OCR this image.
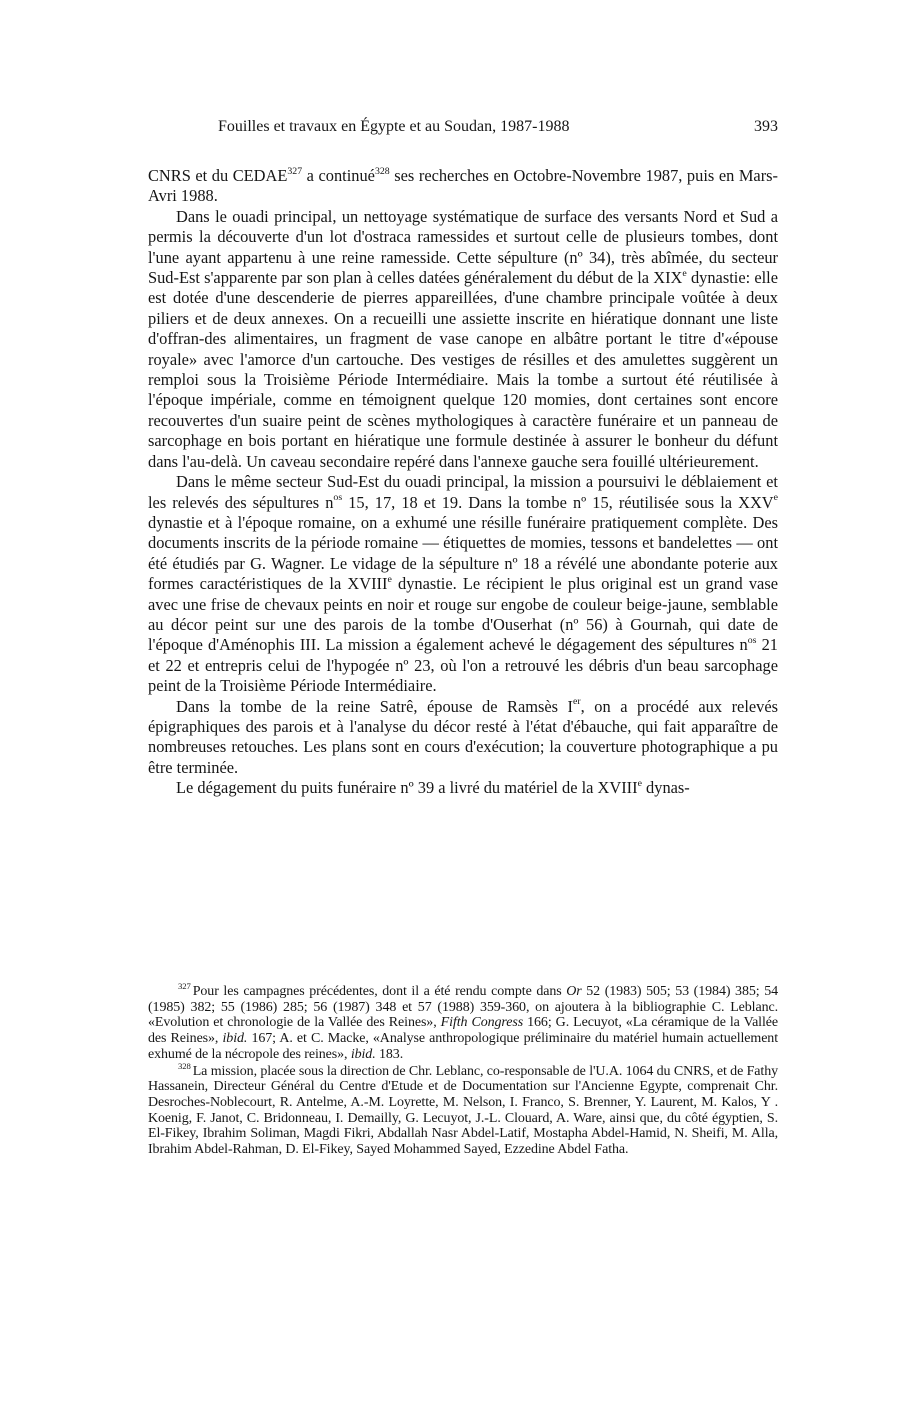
Fouilles et travaux en Égypte et au Soudan, 1987-1988	393

CNRS et du CEDAE$^{327}$ a continué$^{328}$ ses recherches en Octobre-Novembre 1987, puis en Mars-Avri 1988.

Dans le ouadi principal, un nettoyage systématique de surface des versants Nord et Sud a permis la découverte d'un lot d'ostraca ramessides et surtout celle de plusieurs tombes, dont l'une ayant appartenu à une reine ramesside. Cette sépulture (nº 34), très abîmée, du secteur Sud-Est s'apparente par son plan à celles datées généralement du début de la XIXe dynastie: elle est dotée d'une descenderie de pierres appareillées, d'une chambre principale voûtée à deux piliers et de deux annexes. On a recueilli une assiette inscrite en hiératique donnant une liste d'offran-des alimentaires, un fragment de vase canope en albâtre portant le titre d'«épouse royale» avec l'amorce d'un cartouche. Des vestiges de résilles et des amulettes suggèrent un remploi sous la Troisième Période Intermédiaire. Mais la tombe a surtout été réutilisée à l'époque impériale, comme en témoignent quelque 120 momies, dont certaines sont encore recouvertes d'un suaire peint de scènes mythologiques à caractère funéraire et un panneau de sarcophage en bois portant en hiératique une formule destinée à assurer le bonheur du défunt dans l'au-delà. Un caveau secondaire repéré dans l'annexe gauche sera fouillé ultérieurement.

Dans le même secteur Sud-Est du ouadi principal, la mission a poursuivi le déblaiement et les relevés des sépultures $n^{os}$ 15, 17, 18 et 19. Dans la tombe nº 15, réutilisée sous la XXVe dynastie et à l'époque romaine, on a exhumé une résille funéraire pratiquement complète. Des documents inscrits de la période romaine — étiquettes de momies, tessons et bandelettes — ont été étudiés par G. Wagner. Le vidage de la sépulture nº 18 a révélé une abondante poterie aux formes caractéristiques de la XVIIIe dynastie. Le récipient le plus original est un grand vase avec une frise de chevaux peints en noir et rouge sur engobe de couleur beige-jaune, semblable au décor peint sur une des parois de la tombe d'Ouserhat (nº 56) à Gournah, qui date de l'époque d'Aménophis III. La mission a également achevé le dégagement des sépultures $n^{os}$ 21 et 22 et entrepris celui de l'hypogée nº 23, où l'on a retrouvé les débris d'un beau sarcophage peint de la Troisième Période Intermédiaire.

Dans la tombe de la reine Satrê, épouse de Ramsès Ier, on a procédé aux relevés épigraphiques des parois et à l'analyse du décor resté à l'état d'ébauche, qui fait apparaître de nombreuses retouches. Les plans sont en cours d'exécution; la couverture photographique a pu être terminée.

Le dégagement du puits funéraire nº 39 a livré du matériel de la XVIIIe dynas-

$^{327}$ Pour les campagnes précédentes, dont il a été rendu compte dans Or 52 (1983) 505; 53 (1984) 385; 54 (1985) 382; 55 (1986) 285; 56 (1987) 348 et 57 (1988) 359-360, on ajoutera à la bibliographie C. Leblanc. «Evolution et chronologie de la Vallée des Reines», Fifth Congress 166; G. Lecuyot, «La céramique de la Vallée des Reines», ibid. 167; A. et C. Macke, «Analyse anthropologique préliminaire du matériel humain actuellement exhumé de la nécropole des reines», ibid. 183.

$^{328}$ La mission, placée sous la direction de Chr. Leblanc, co-responsable de l'U.A. 1064 du CNRS, et de Fathy Hassanein, Directeur Général du Centre d'Etude et de Documentation sur l'Ancienne Egypte, comprenait Chr. Desroches-Noblecourt, R. Antelme, A.-M. Loyrette, M. Nelson, I. Franco, S. Brenner, Y. Laurent, M. Kalos, Y . Koenig, F. Janot, C. Bridonneau, I. Demailly, G. Lecuyot, J.-L. Clouard, A. Ware, ainsi que, du côté égyptien, S. El-Fikey, Ibrahim Soliman, Magdi Fikri, Abdallah Nasr Abdel-Latif, Mostapha Abdel-Hamid, N. Sheifi, M. Alla, Ibrahim Abdel-Rahman, D. El-Fikey, Sayed Mohammed Sayed, Ezzedine Abdel Fatha.
